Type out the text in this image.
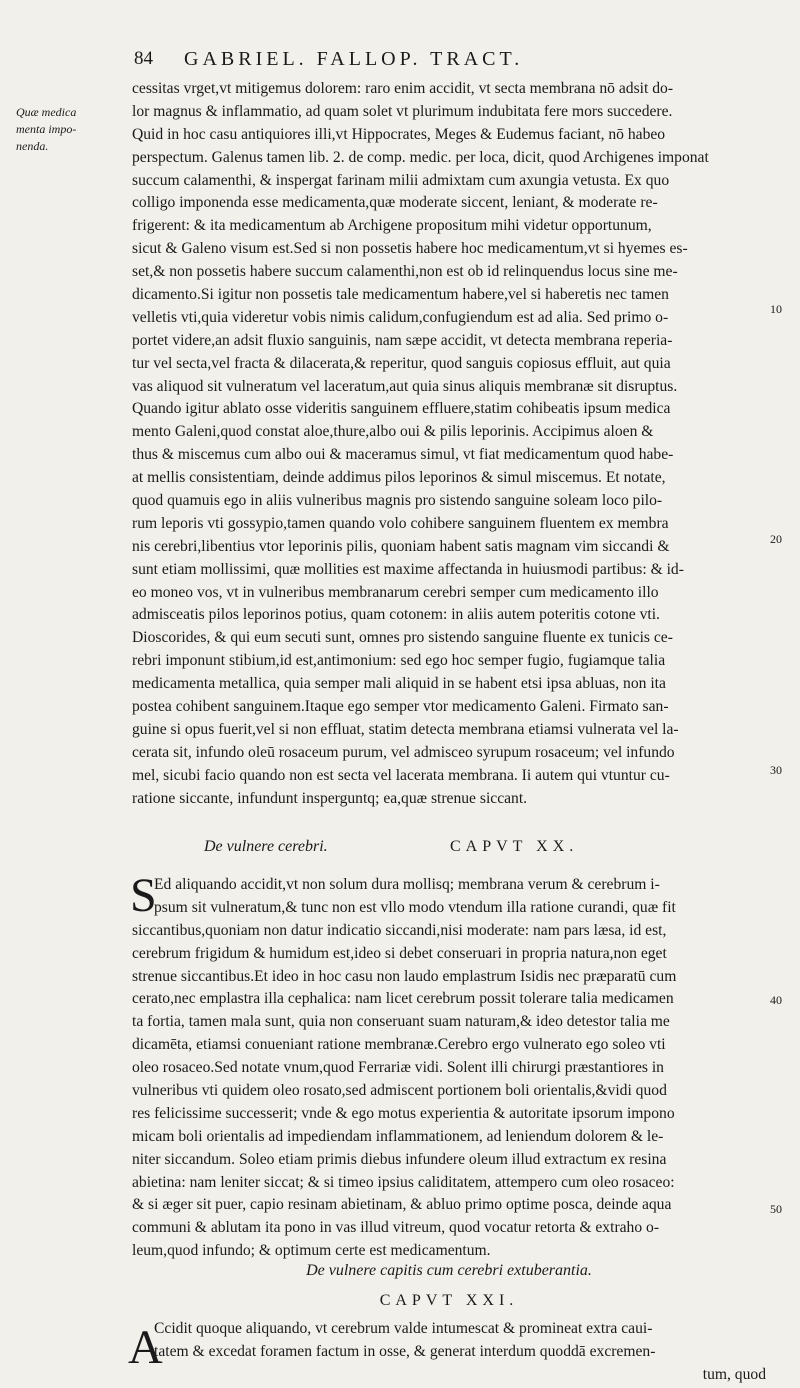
84 GABRIEL. FALLOP. TRACT.
Quæ medica menta impo- nenda.
10
20
30
40
50
cessitas vrget,vt mitigemus dolorem: raro enim accidit, vt secta membrana nō adsit do-
lor magnus & inflammatio, ad quam solet vt plurimum indubitata fere mors succedere.
Quid in hoc casu antiquiores illi,vt Hippocrates, Meges & Eudemus faciant, nō habeo
perspectum. Galenus tamen lib. 2. de comp. medic. per loca, dicit, quod Archigenes imponat
succum calamenthi, & inspergat farinam milii admixtam cum axungia vetusta. Ex quo
colligo imponenda esse medicamenta,quæ moderate siccent, leniant, & moderate re-
frigerent: & ita medicamentum ab Archigene propositum mihi videtur opportunum,
sicut & Galeno visum est.Sed si non possetis habere hoc medicamentum,vt si hyemes es-
set,& non possetis habere succum calamenthi,non est ob id relinquendus locus sine me-
dicamento.Si igitur non possetis tale medicamentum habere,vel si haberetis nec tamen
velletis vti,quia videretur vobis nimis calidum,confugiendum est ad alia. Sed primo o-
portet videre,an adsit fluxio sanguinis, nam sæpe accidit, vt detecta membrana reperia-
tur vel secta,vel fracta & dilacerata,& reperitur, quod sanguis copiosus effluit, aut quia
vas aliquod sit vulneratum vel laceratum,aut quia sinus aliquis membranæ sit disruptus.
Quando igitur ablato osse videritis sanguinem effluere,statim cohibeatis ipsum medica
mento Galeni,quod constat aloe,thure,albo oui & pilis leporinis. Accipimus aloen &
thus & miscemus cum albo oui & maceramus simul, vt fiat medicamentum quod habe-
at mellis consistentiam, deinde addimus pilos leporinos & simul miscemus. Et notate,
quod quamuis ego in aliis vulneribus magnis pro sistendo sanguine soleam loco pilo-
rum leporis vti gossypio,tamen quando volo cohibere sanguinem fluentem ex membra
nis cerebri,libentius vtor leporinis pilis, quoniam habent satis magnam vim siccandi &
sunt etiam mollissimi, quæ mollities est maxime affectanda in huiusmodi partibus: & id-
eo moneo vos, vt in vulneribus membranarum cerebri semper cum medicamento illo
admisceatis pilos leporinos potius, quam cotonem: in aliis autem poteritis cotone vti.
Dioscorides, & qui eum secuti sunt, omnes pro sistendo sanguine fluente ex tunicis ce-
rebri imponunt stibium,id est,antimonium: sed ego hoc semper fugio, fugiamque talia
medicamenta metallica, quia semper mali aliquid in se habent etsi ipsa abluas, non ita
postea cohibent sanguinem.Itaque ego semper vtor medicamento Galeni. Firmato san-
guine si opus fuerit,vel si non effluat, statim detecta membrana etiamsi vulnerata vel la-
cerata sit, infundo oleū rosaceum purum, vel admisceo syrupum rosaceum; vel infundo
mel, sicubi facio quando non est secta vel lacerata membrana. Ii autem qui vtuntur cu-
ratione siccante, infundunt insperguntq; ea,quæ strenue siccant.
De vulnere cerebri.	CAPVT XX.
S
Ed aliquando accidit,vt non solum dura mollisq; membrana verum & cerebrum i-
psum sit vulneratum,& tunc non est vllo modo vtendum illa ratione curandi, quæ fit
siccantibus,quoniam non datur indicatio siccandi,nisi moderate: nam pars læsa, id est,
cerebrum frigidum & humidum est,ideo si debet conseruari in propria natura,non eget
strenue siccantibus.Et ideo in hoc casu non laudo emplastrum Isidis nec præparatū cum
cerato,nec emplastra illa cephalica: nam licet cerebrum possit tolerare talia medicamen
ta fortia, tamen mala sunt, quia non conseruant suam naturam,& ideo detestor talia me
dicamēta, etiamsi conueniant ratione membranæ.Cerebro ergo vulnerato ego soleo vti
oleo rosaceo.Sed notate vnum,quod Ferrariæ vidi. Solent illi chirurgi præstantiores in
vulneribus vti quidem oleo rosato,sed admiscent portionem boli orientalis,&vidi quod
res felicissime successerit; vnde & ego motus experientia & autoritate ipsorum impono
micam boli orientalis ad impediendam inflammationem, ad leniendum dolorem & le-
niter siccandum. Soleo etiam primis diebus infundere oleum illud extractum ex resina
abietina: nam leniter siccat; & si timeo ipsius caliditatem, attempero cum oleo rosaceo:
& si æger sit puer, capio resinam abietinam, & abluo primo optime posca, deinde aqua
communi & ablutam ita pono in vas illud vitreum, quod vocatur retorta & extraho o-
leum,quod infundo; & optimum certe est medicamentum.
De vulnere capitis cum cerebri extuberantia.
CAPVT XXI.
A
Ccidit quoque aliquando, vt cerebrum valde intumescat & promineat extra caui-
tatem & excedat foramen factum in osse, & generat interdum quoddā excremen-
tum, quod
